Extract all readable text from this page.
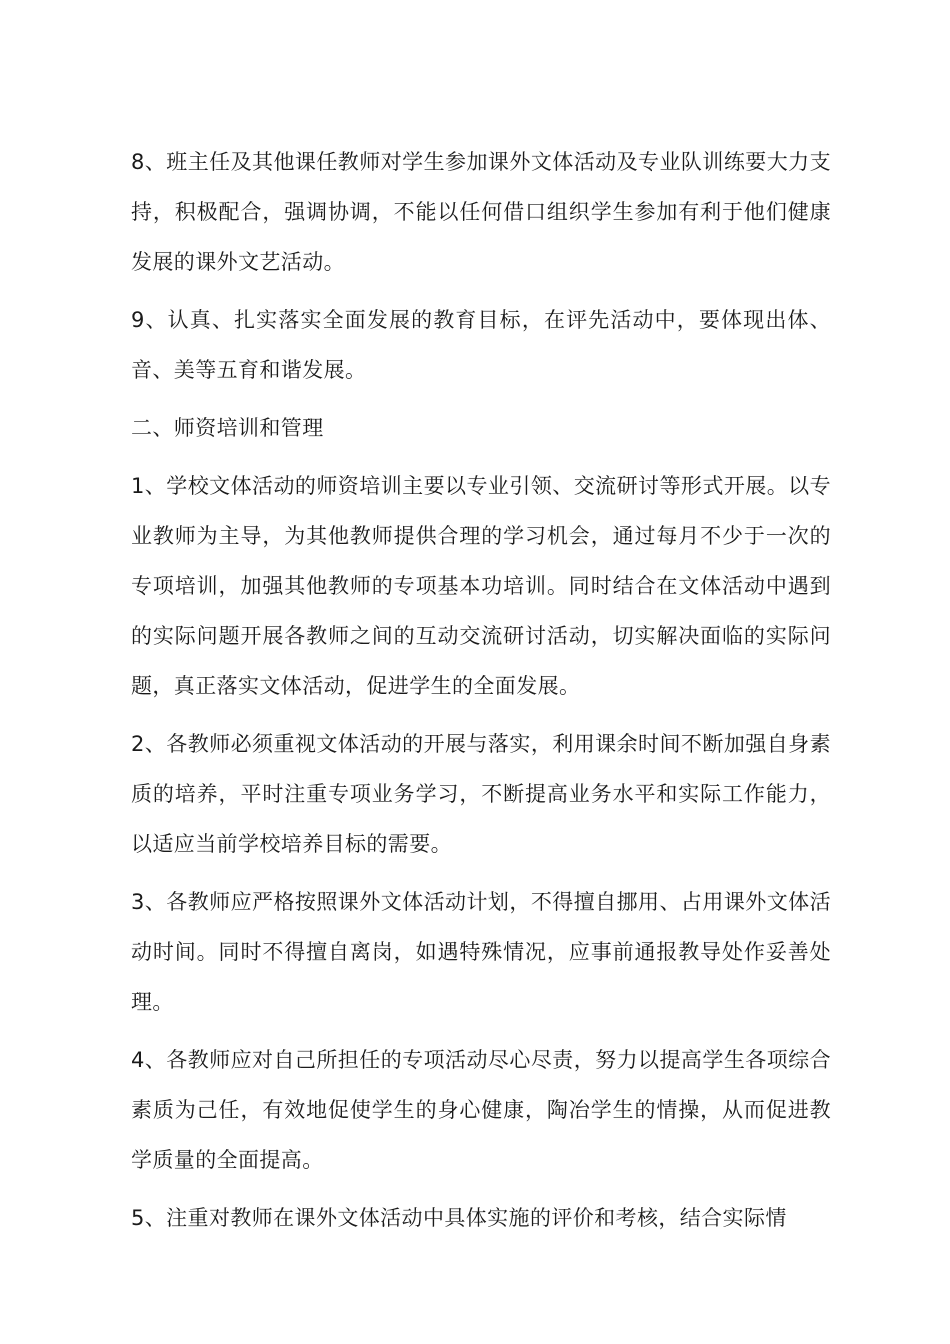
8、班主任及其他课任教师对学生参加课外文体活动及专业队训练要大力支持，积极配合，强调协调，不能以任何借口组织学生参加有利于他们健康发展的课外文艺活动。

9、认真、扎实落实全面发展的教育目标，在评先活动中，要体现出体、音、美等五育和谐发展。

二、师资培训和管理

1、学校文体活动的师资培训主要以专业引领、交流研讨等形式开展。以专业教师为主导，为其他教师提供合理的学习机会，通过每月不少于一次的专项培训，加强其他教师的专项基本功培训。同时结合在文体活动中遇到的实际问题开展各教师之间的互动交流研讨活动，切实解决面临的实际问题，真正落实文体活动，促进学生的全面发展。

2、各教师必须重视文体活动的开展与落实，利用课余时间不断加强自身素质的培养，平时注重专项业务学习，不断提高业务水平和实际工作能力，以适应当前学校培养目标的需要。

3、各教师应严格按照课外文体活动计划，不得擅自挪用、占用课外文体活动时间。同时不得擅自离岗，如遇特殊情况，应事前通报教导处作妥善处理。

4、各教师应对自己所担任的专项活动尽心尽责，努力以提高学生各项综合素质为己任，有效地促使学生的身心健康，陶冶学生的情操，从而促进教学质量的全面提高。

5、注重对教师在课外文体活动中具体实施的评价和考核，结合实际情
